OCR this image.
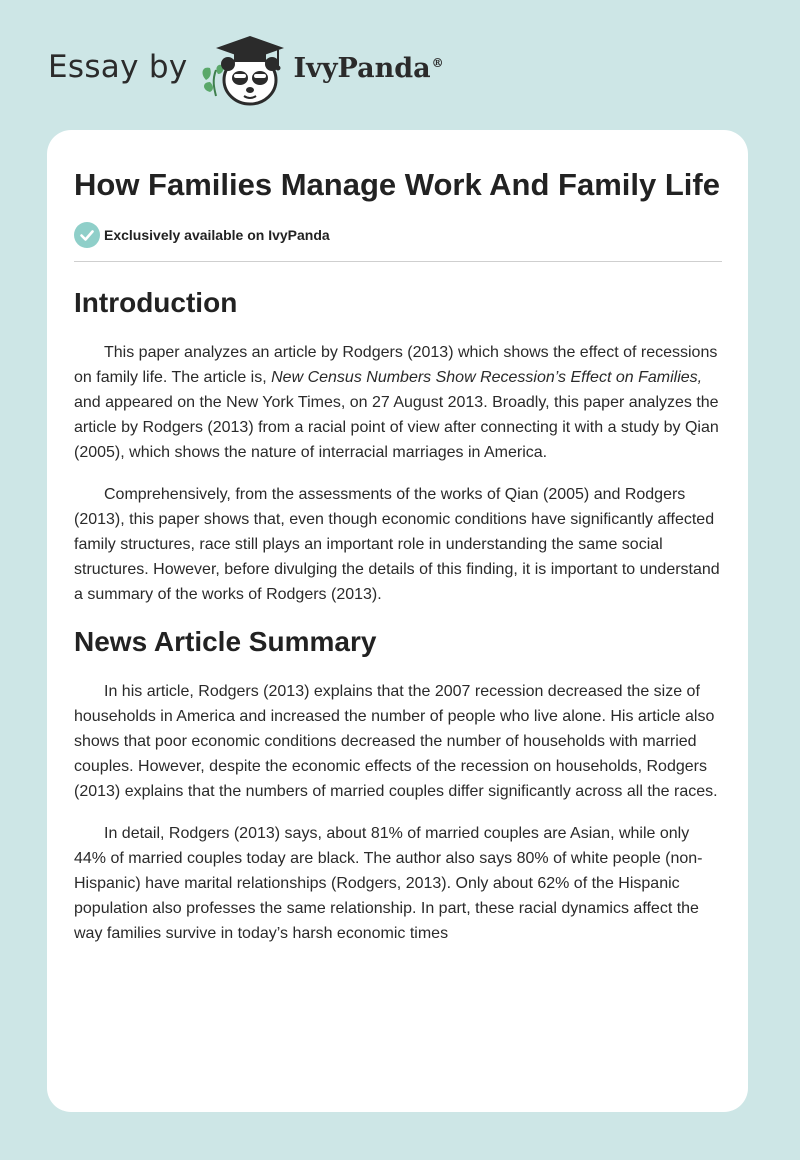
Essay by	IvyPanda®
How Families Manage Work And Family Life
Exclusively available on IvyPanda
Introduction

This paper analyzes an article by Rodgers (2013) which shows the effect of recessions on family life. The article is, New Census Numbers Show Recession’s Effect on Families, and appeared on the New York Times, on 27 August 2013. Broadly, this paper analyzes the article by Rodgers (2013) from a racial point of view after connecting it with a study by Qian (2005), which shows the nature of interracial marriages in America.

Comprehensively, from the assessments of the works of Qian (2005) and Rodgers (2013), this paper shows that, even though economic conditions have significantly affected family structures, race still plays an important role in understanding the same social structures. However, before divulging the details of this finding, it is important to understand a summary of the works of Rodgers (2013).

News Article Summary

In his article, Rodgers (2013) explains that the 2007 recession decreased the size of households in America and increased the number of people who live alone. His article also shows that poor economic conditions decreased the number of households with married couples. However, despite the economic effects of the recession on households, Rodgers (2013) explains that the numbers of married couples differ significantly across all the races.

In detail, Rodgers (2013) says, about 81% of married couples are Asian, while only 44% of married couples today are black. The author also says 80% of white people (non-Hispanic) have marital relationships (Rodgers, 2013). Only about 62% of the Hispanic population also professes the same relationship. In part, these racial dynamics affect the way families survive in today’s harsh economic times
